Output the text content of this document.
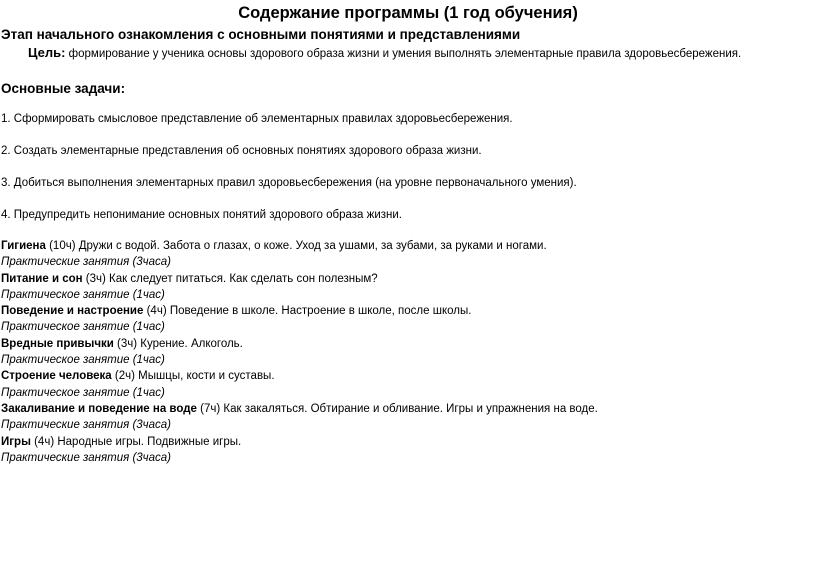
Содержание программы (1 год обучения)
Этап начального ознакомления с основными понятиями и представлениями
Цель: формирование у ученика основы здорового образа жизни и умения выполнять элементарные правила здоровьесбережения.
Основные задачи:
1. Сформировать смысловое представление об элементарных правилах здоровьесбережения.
2. Создать элементарные представления об основных понятиях здорового образа жизни.
3. Добиться выполнения элементарных правил здоровьесбережения (на уровне первоначального умения).
4. Предупредить непонимание основных понятий здорового образа жизни.
Гигиена (10ч) Дружи с водой. Забота о глазах, о коже. Уход за ушами, за зубами, за руками и ногами.
Практические занятия (3часа)
Питание и сон (3ч) Как следует питаться. Как сделать сон полезным?
Практическое занятие (1час)
Поведение и настроение (4ч) Поведение в школе. Настроение в школе, после школы.
Практическое занятие (1час)
Вредные привычки (3ч) Курение. Алкоголь.
Практическое занятие (1час)
Строение человека (2ч) Мышцы, кости и суставы.
Практическое занятие (1час)
Закаливание и поведение на воде (7ч) Как закаляться. Обтирание и обливание. Игры и упражнения на воде.
Практические занятия (3часа)
Игры (4ч) Народные игры. Подвижные игры.
Практические занятия (3часа)
